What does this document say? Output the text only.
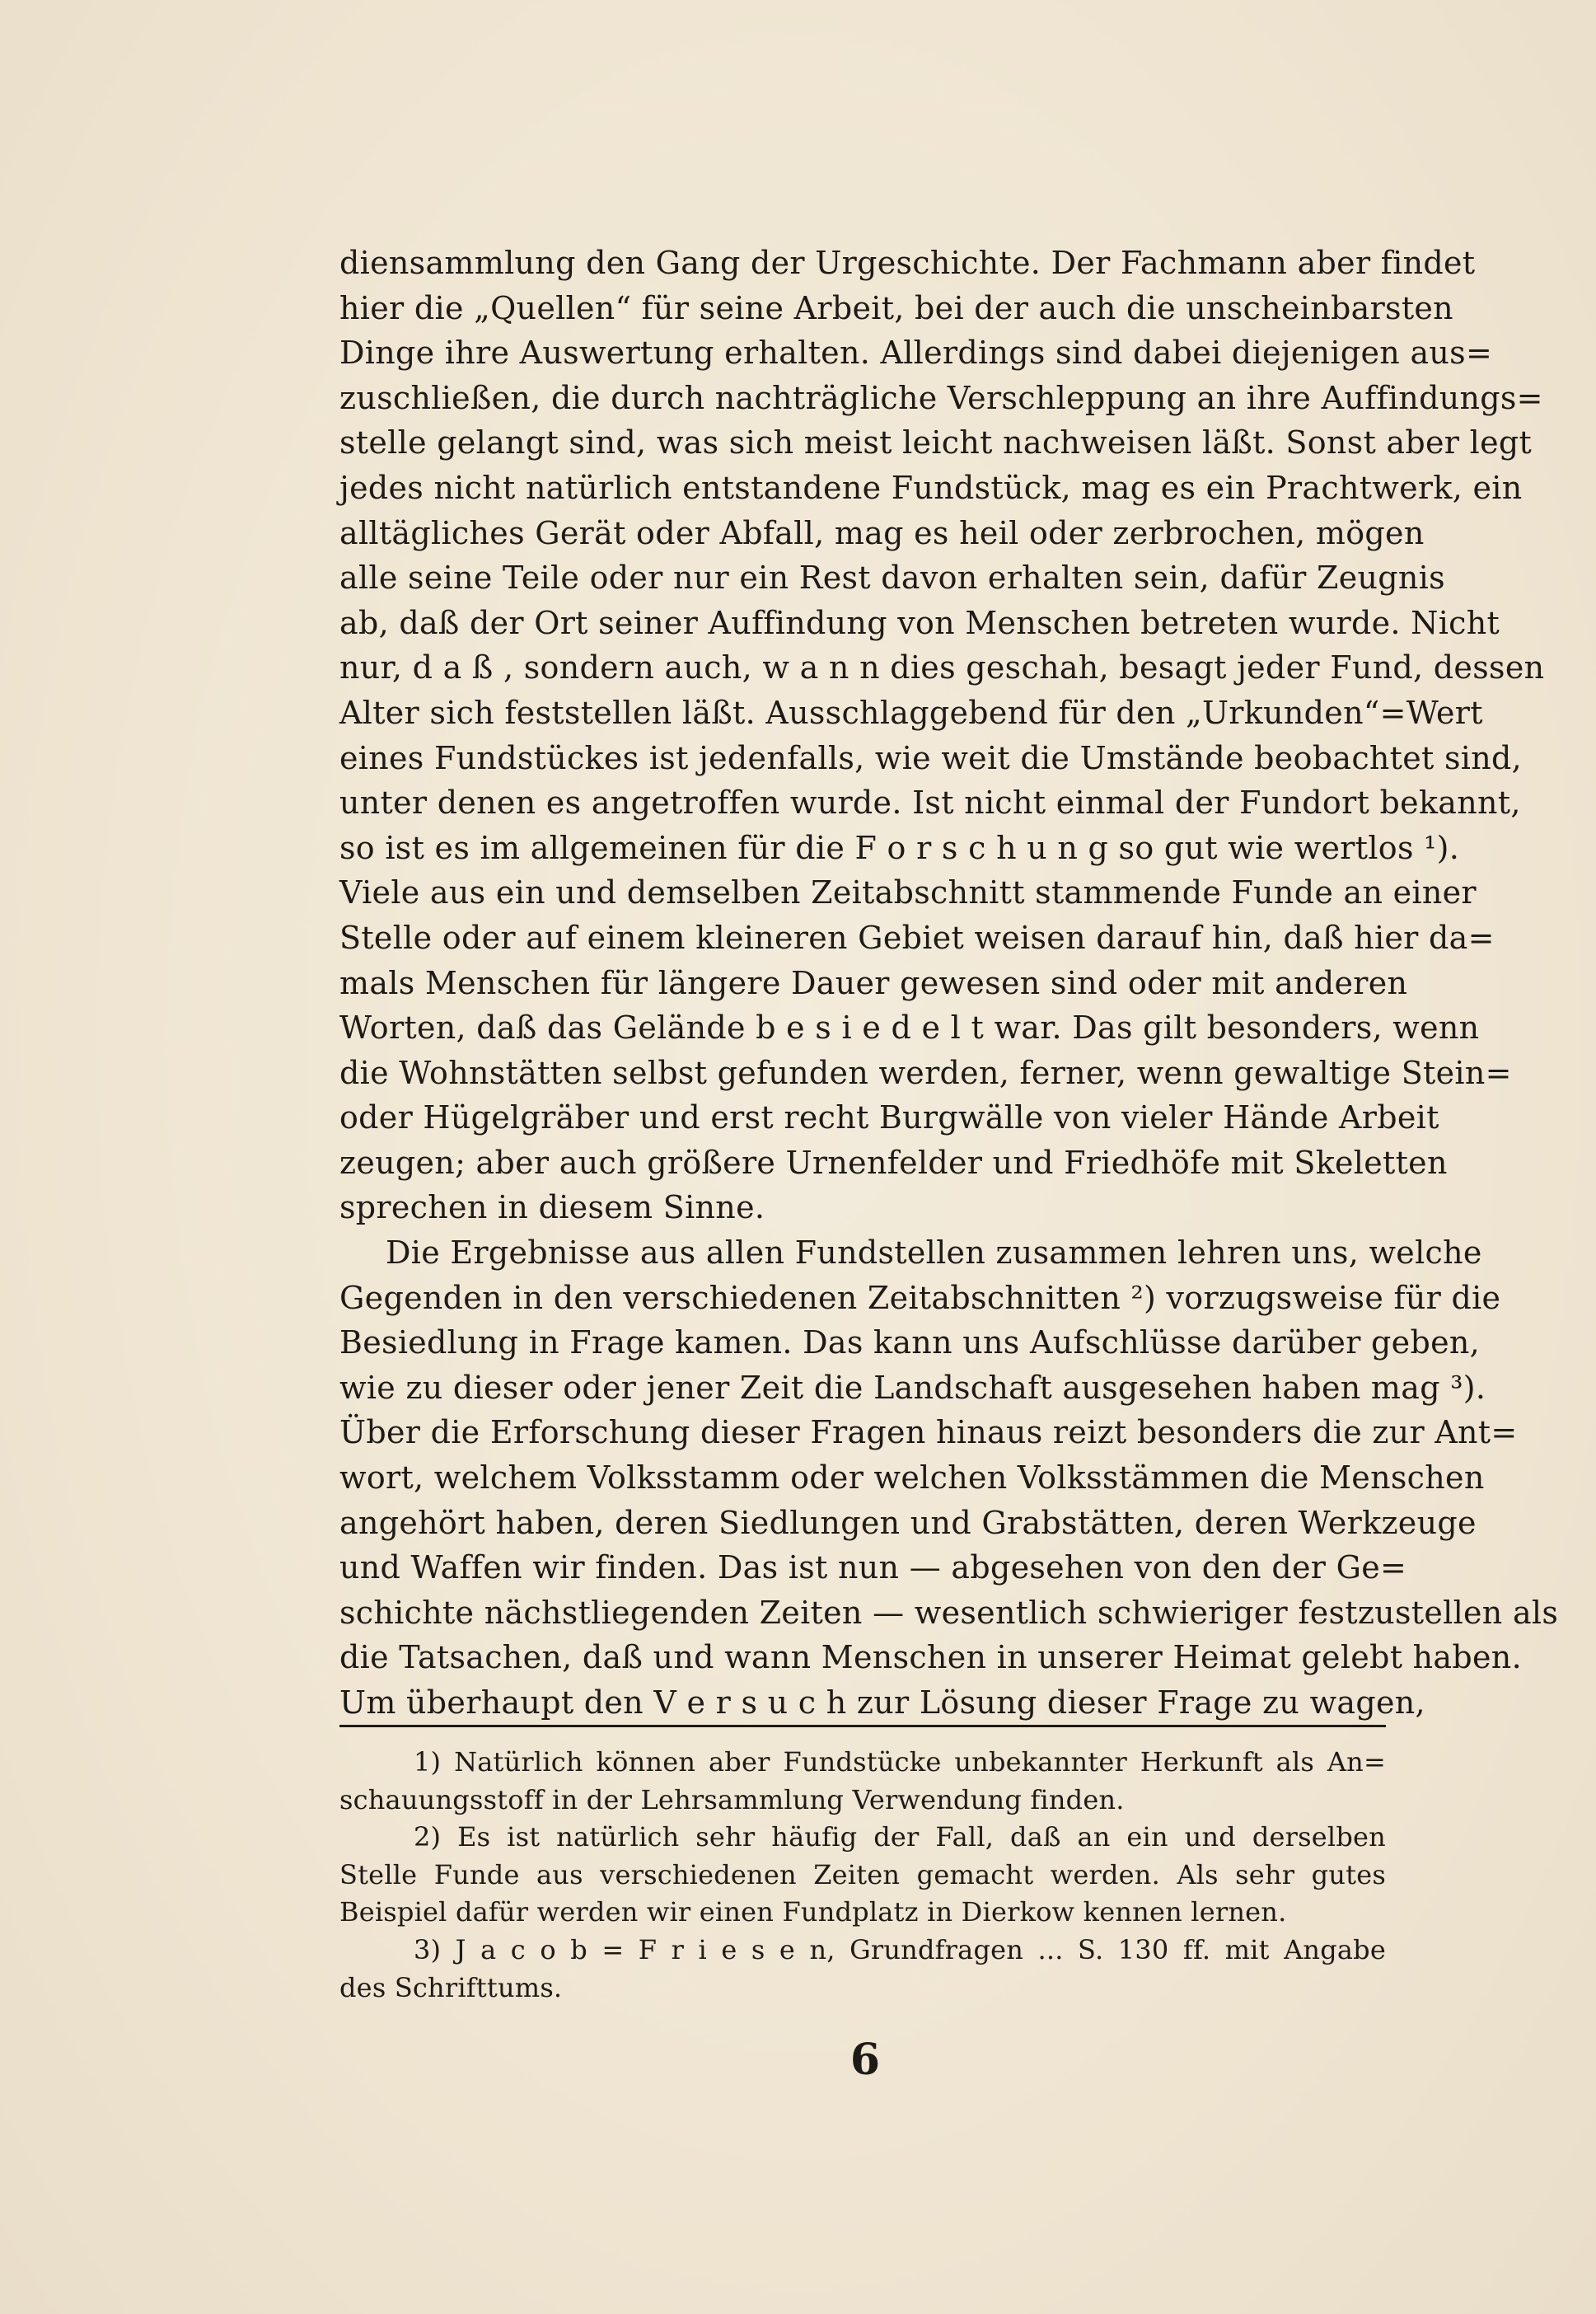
diensammlung den Gang der Urgeschichte. Der Fachmann aber findet
hier die „Quellen“ für seine Arbeit, bei der auch die unscheinbarsten
Dinge ihre Auswertung erhalten. Allerdings sind dabei diejenigen aus=
zuschließen, die durch nachträgliche Verschleppung an ihre Auffindungs=
stelle gelangt sind, was sich meist leicht nachweisen läßt. Sonst aber legt
jedes nicht natürlich entstandene Fundstück, mag es ein Prachtwerk, ein
alltägliches Gerät oder Abfall, mag es heil oder zerbrochen, mögen
alle seine Teile oder nur ein Rest davon erhalten sein, dafür Zeugnis
ab, daß der Ort seiner Auffindung von Menschen betreten wurde. Nicht
nur, d a ß , sondern auch, w a n n dies geschah, besagt jeder Fund, dessen
Alter sich feststellen läßt. Ausschlaggebend für den „Urkunden“=Wert
eines Fundstückes ist jedenfalls, wie weit die Umstände beobachtet sind,
unter denen es angetroffen wurde. Ist nicht einmal der Fundort bekannt,
so ist es im allgemeinen für die F o r s c h u n g so gut wie wertlos ¹).
Viele aus ein und demselben Zeitabschnitt stammende Funde an einer
Stelle oder auf einem kleineren Gebiet weisen darauf hin, daß hier da=
mals Menschen für längere Dauer gewesen sind oder mit anderen
Worten, daß das Gelände b e s i e d e l t war. Das gilt besonders, wenn
die Wohnstätten selbst gefunden werden, ferner, wenn gewaltige Stein=
oder Hügelgräber und erst recht Burgwälle von vieler Hände Arbeit
zeugen; aber auch größere Urnenfelder und Friedhöfe mit Skeletten
sprechen in diesem Sinne.
Die Ergebnisse aus allen Fundstellen zusammen lehren uns, welche
Gegenden in den verschiedenen Zeitabschnitten ²) vorzugsweise für die
Besiedlung in Frage kamen. Das kann uns Aufschlüsse darüber geben,
wie zu dieser oder jener Zeit die Landschaft ausgesehen haben mag ³).
Über die Erforschung dieser Fragen hinaus reizt besonders die zur Ant=
wort, welchem Volksstamm oder welchen Volksstämmen die Menschen
angehört haben, deren Siedlungen und Grabstätten, deren Werkzeuge
und Waffen wir finden. Das ist nun — abgesehen von den der Ge=
schichte nächstliegenden Zeiten — wesentlich schwieriger festzustellen als
die Tatsachen, daß und wann Menschen in unserer Heimat gelebt haben.
Um überhaupt den V e r s u c h zur Lösung dieser Frage zu wagen,
1) Natürlich können aber Fundstücke unbekannter Herkunft als An=
schauungsstoff in der Lehrsammlung Verwendung finden.
2) Es ist natürlich sehr häufig der Fall, daß an ein und derselben
Stelle Funde aus verschiedenen Zeiten gemacht werden. Als sehr gutes
Beispiel dafür werden wir einen Fundplatz in Dierkow kennen lernen.
3) J a c o b = F r i e s e n, Grundfragen ... S. 130 ff. mit Angabe
des Schrifttums.
6
